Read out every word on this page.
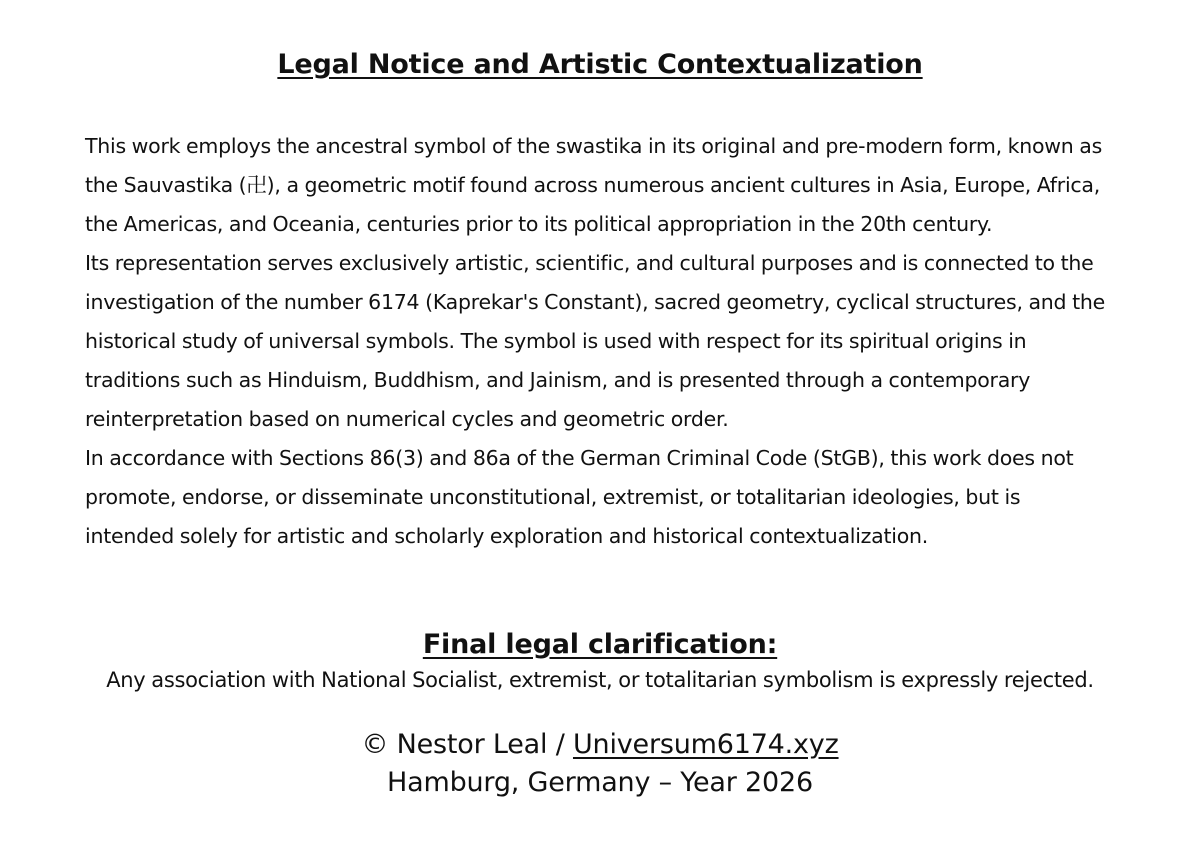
Legal Notice and Artistic Contextualization

This work employs the ancestral symbol of the swastika in its original and pre-modern form, known as the Sauvastika (卍), a geometric motif found across numerous ancient cultures in Asia, Europe, Africa, the Americas, and Oceania, centuries prior to its political appropriation in the 20th century.

Its representation serves exclusively artistic, scientific, and cultural purposes and is connected to the investigation of the number 6174 (Kaprekar's Constant), sacred geometry, cyclical structures, and the historical study of universal symbols. The symbol is used with respect for its spiritual origins in traditions such as Hinduism, Buddhism, and Jainism, and is presented through a contemporary reinterpretation based on numerical cycles and geometric order.

In accordance with Sections 86(3) and 86a of the German Criminal Code (StGB), this work does not promote, endorse, or disseminate unconstitutional, extremist, or totalitarian ideologies, but is intended solely for artistic and scholarly exploration and historical contextualization.

Final legal clarification:
Any association with National Socialist, extremist, or totalitarian symbolism is expressly rejected.
© Nestor Leal / Universum6174.xyz
Hamburg, Germany – Year 2026
